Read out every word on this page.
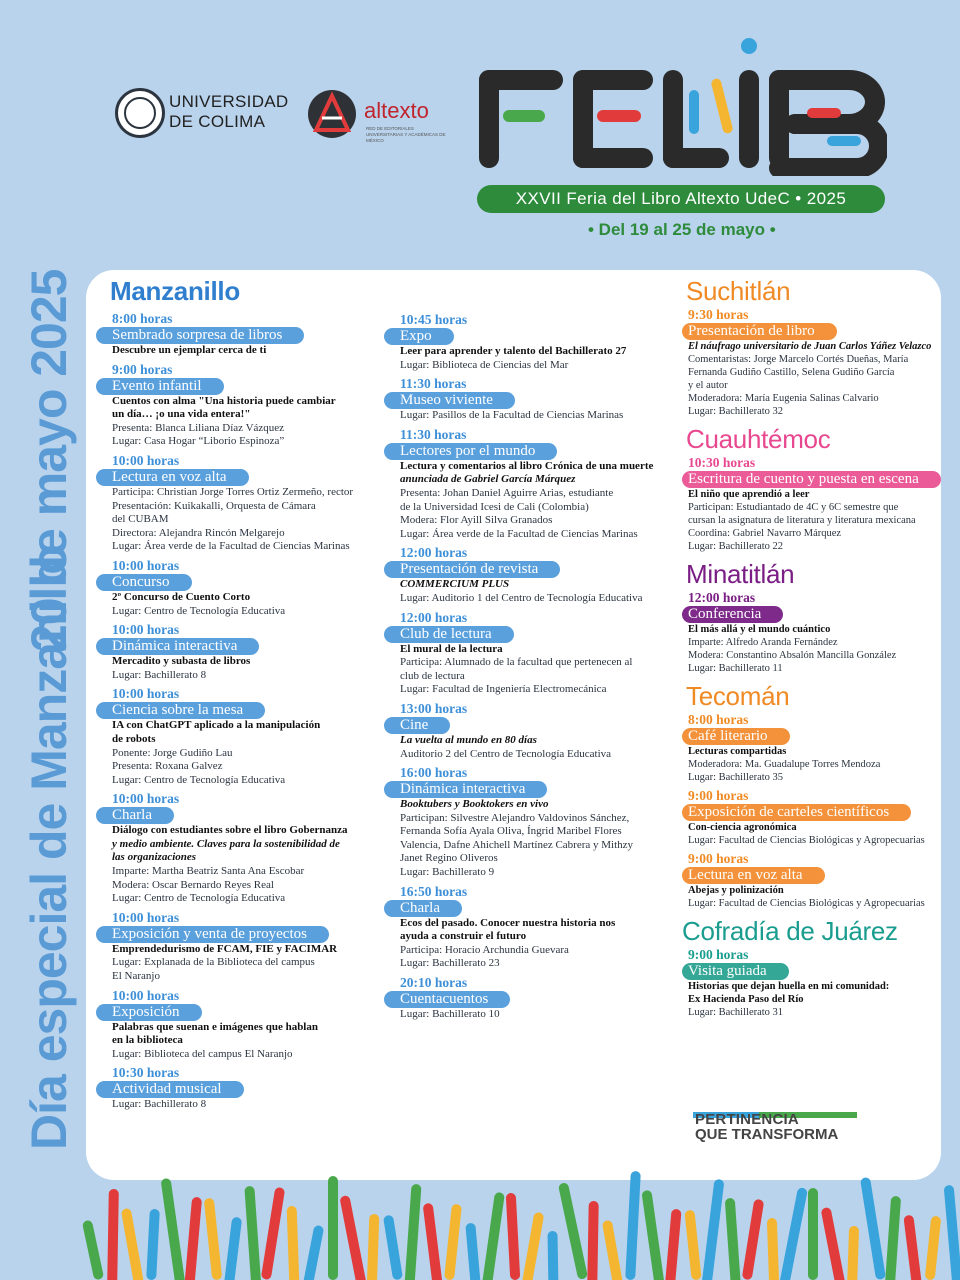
UNIVERSIDAD
DE COLIMA	altexto
RED DE EDITORIALES UNIVERSITARIAS Y ACADÉMICAS DE MÉXICO
XXVII Feria del Libro Altexto UdeC • 2025
• Del 19 al 25 de mayo •
20 de mayo 2025
Día especial de Manzanillo
Manzanillo
8:00 horas
Sembrado sorpresa de libros
Descubre un ejemplar cerca de ti
9:00 horas
Evento infantil
Cuentos con alma "Una historia puede cambiar
un día… ¡o una vida entera!"
Presenta: Blanca Liliana Díaz Vázquez
Lugar: Casa Hogar “Liborio Espinoza”
10:00 horas
Lectura en voz alta
Participa: Christian Jorge Torres Ortiz Zermeño, rector
Presentación: Kuikakalli, Orquesta de Cámara
del CUBAM
Directora: Alejandra Rincón Melgarejo
Lugar: Área verde de la Facultad de Ciencias Marinas
10:00 horas
Concurso
2º Concurso de Cuento Corto
Lugar: Centro de Tecnología Educativa
10:00 horas
Dinámica interactiva
Mercadito y subasta de libros
Lugar: Bachillerato 8
10:00 horas
Ciencia sobre la mesa
IA con ChatGPT aplicado a la manipulación
de robots
Ponente: Jorge Gudiño Lau
Presenta: Roxana Galvez
Lugar: Centro de Tecnología Educativa
10:00 horas
Charla
Diálogo con estudiantes sobre el libro Gobernanza
y medio ambiente. Claves para la sostenibilidad de
las organizaciones
Imparte: Martha Beatriz Santa Ana Escobar
Modera: Oscar Bernardo Reyes Real
Lugar: Centro de Tecnología Educativa
10:00 horas
Exposición y venta de proyectos
Emprendedurismo de FCAM, FIE y FACIMAR
Lugar: Explanada de la Biblioteca del campus
El Naranjo
10:00 horas
Exposición
Palabras que suenan e imágenes que hablan
en la biblioteca
Lugar: Biblioteca del campus El Naranjo
10:30 horas
Actividad musical
Lugar: Bachillerato 8
10:45 horas
Expo
Leer para aprender y talento del Bachillerato 27
Lugar: Biblioteca de Ciencias del Mar
11:30 horas
Museo viviente
Lugar: Pasillos de la Facultad de Ciencias Marinas
11:30 horas
Lectores por el mundo
Lectura y comentarios al libro Crónica de una muerte
anunciada de Gabriel García Márquez
Presenta: Johan Daniel Aguirre Arias, estudiante
de la Universidad Icesi de Cali (Colombia)
Modera: Flor Ayill Silva Granados
Lugar: Área verde de la Facultad de Ciencias Marinas
12:00 horas
Presentación de revista
COMMERCIUM PLUS
Lugar: Auditorio 1 del Centro de Tecnología Educativa
12:00 horas
Club de lectura
El mural de la lectura
Participa: Alumnado de la facultad que pertenecen al
club de lectura
Lugar: Facultad de Ingeniería Electromecánica
13:00 horas
Cine
La vuelta al mundo en 80 días
Auditorio 2 del Centro de Tecnología Educativa
16:00 horas
Dinámica interactiva
Booktubers y Booktokers en vivo
Participan: Silvestre Alejandro Valdovinos Sánchez,
Fernanda Sofía Ayala Oliva, Íngrid Maribel Flores
Valencia, Dafne Ahichell Martínez Cabrera y Mithzy
Janet Regino Oliveros
Lugar: Bachillerato 9
16:50 horas
Charla
Ecos del pasado. Conocer nuestra historia nos
ayuda a construir el futuro
Participa: Horacio Archundia Guevara
Lugar: Bachillerato 23
20:10 horas
Cuentacuentos
Lugar: Bachillerato 10
Suchitlán
9:30 horas
Presentación de libro
El náufrago universitario de Juan Carlos Yáñez Velazco
Comentaristas: Jorge Marcelo Cortés Dueñas, María
Fernanda Gudiño Castillo, Selena Gudiño García
y el autor
Moderadora: María Eugenia Salinas Calvario
Lugar: Bachillerato 32
Cuauhtémoc
10:30 horas
Escritura de cuento y puesta en escena
El niño que aprendió a leer
Participan: Estudiantado de 4C y 6C semestre que
cursan la asignatura de literatura y literatura mexicana
Coordina: Gabriel Navarro Márquez
Lugar: Bachillerato 22
Minatitlán
12:00 horas
Conferencia
El más allá y el mundo cuántico
Imparte: Alfredo Aranda Fernández
Modera: Constantino Absalón Mancilla González
Lugar: Bachillerato 11
Tecomán
8:00 horas
Café literario
Lecturas compartidas
Moderadora: Ma. Guadalupe Torres Mendoza
Lugar: Bachillerato 35
9:00 horas
Exposición de carteles científicos
Con-ciencia agronómica
Lugar: Facultad de Ciencias Biológicas y Agropecuarias
9:00 horas
Lectura en voz alta
Abejas y polinización
Lugar: Facultad de Ciencias Biológicas y Agropecuarias
Cofradía de Juárez
9:00 horas
Visita guiada
Historias que dejan huella en mi comunidad:
Ex Hacienda Paso del Río
Lugar: Bachillerato 31
PERTINENCIA
QUE TRANSFORMA
